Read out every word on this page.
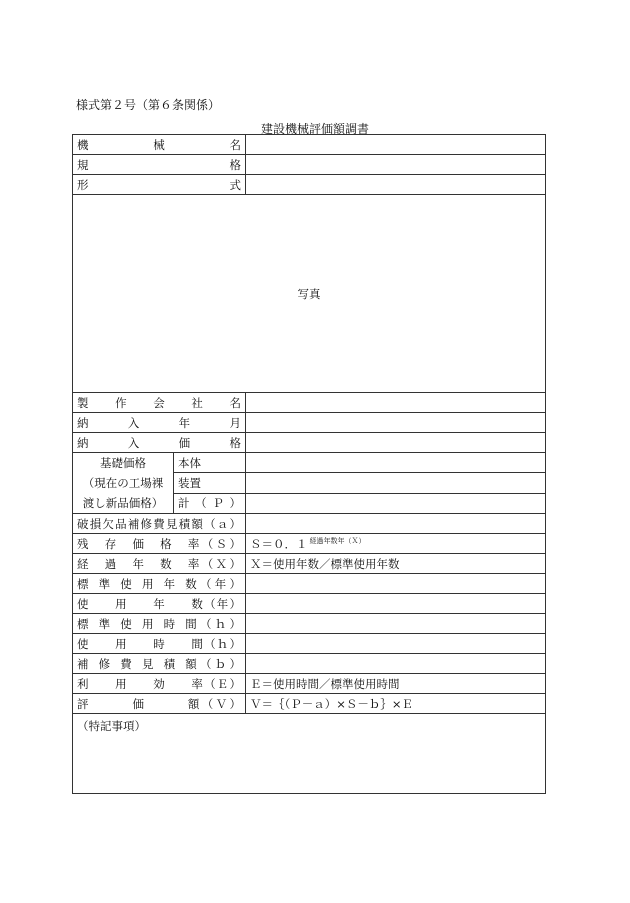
様式第２号（第６条関係）
建設機械評価額調書
機　　械　　名		
規　　　　　格		
形　　　　　式		
写真		
製　作　会　社　名		
納　　入　　年　　月		
納　　入　　価　　格		

基礎価格
（現在の工場裸
渡し新品価格）	本体	
	装置	
	計（Ｐ）	
破損欠品補修費見積額（ａ）		
残　存　価　格　率（Ｓ）		Ｓ＝０．１ $^{経過年数年(X)}$
経　過　年　数　率（Ｘ）		Ｘ＝使用年数／標準使用年数
標 準 使 用 年 数（年）		
使　　用　　年　　数（年）		
標 準 使 用 時 間（ｈ）		
使　　用　　時　　間（ｈ）		
補 修 費 見 積 額（ｂ）		
利　　用　　効　　率（Ｅ）		Ｅ＝使用時間／標準使用時間
評　　　価　　　額（Ｖ）		Ｖ＝｛（Ｐ－ａ）×Ｓ－ｂ｝×Ｅ
（特記事項）		
